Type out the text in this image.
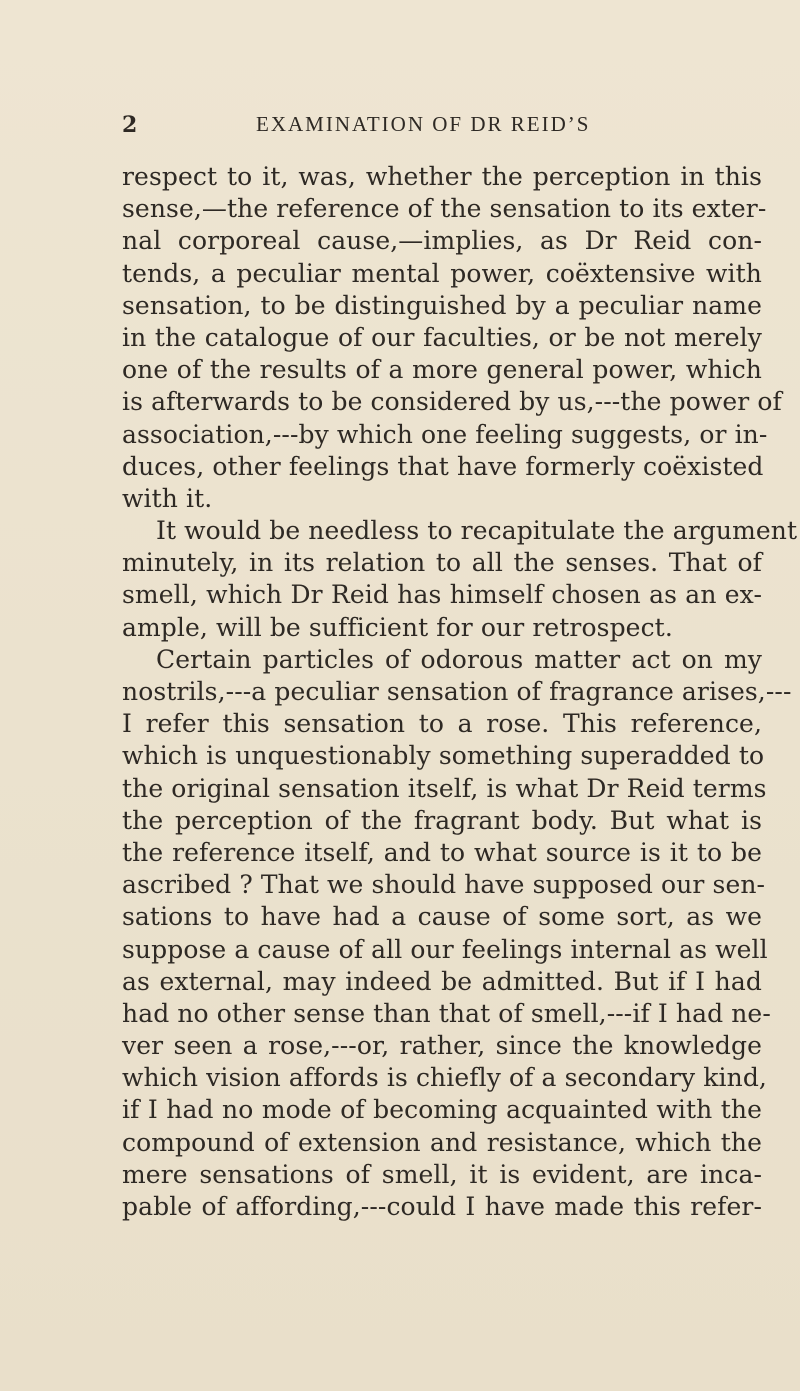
2	EXAMINATION OF DR REID’S
respect to it, was, whether the perception in this
sense,—the reference of the sensation to its exter-
nal corporeal cause,—implies, as Dr Reid con-
tends, a peculiar mental power, coëxtensive with
sensation, to be distinguished by a peculiar name
in the catalogue of our faculties, or be not merely
one of the results of a more general power, which
is afterwards to be considered by us,---the power of
association,---by which one feeling suggests, or in-
duces, other feelings that have formerly coëxisted
with it.
It would be needless to recapitulate the argument
minutely, in its relation to all the senses. That of
smell, which Dr Reid has himself chosen as an ex-
ample, will be sufficient for our retrospect.
Certain particles of odorous matter act on my
nostrils,---a peculiar sensation of fragrance arises,---
I refer this sensation to a rose. This reference,
which is unquestionably something superadded to
the original sensation itself, is what Dr Reid terms
the perception of the fragrant body. But what is
the reference itself, and to what source is it to be
ascribed ? That we should have supposed our sen-
sations to have had a cause of some sort, as we
suppose a cause of all our feelings internal as well
as external, may indeed be admitted. But if I had
had no other sense than that of smell,---if I had ne-
ver seen a rose,---or, rather, since the knowledge
which vision affords is chiefly of a secondary kind,
if I had no mode of becoming acquainted with the
compound of extension and resistance, which the
mere sensations of smell, it is evident, are inca-
pable of affording,---could I have made this refer-
